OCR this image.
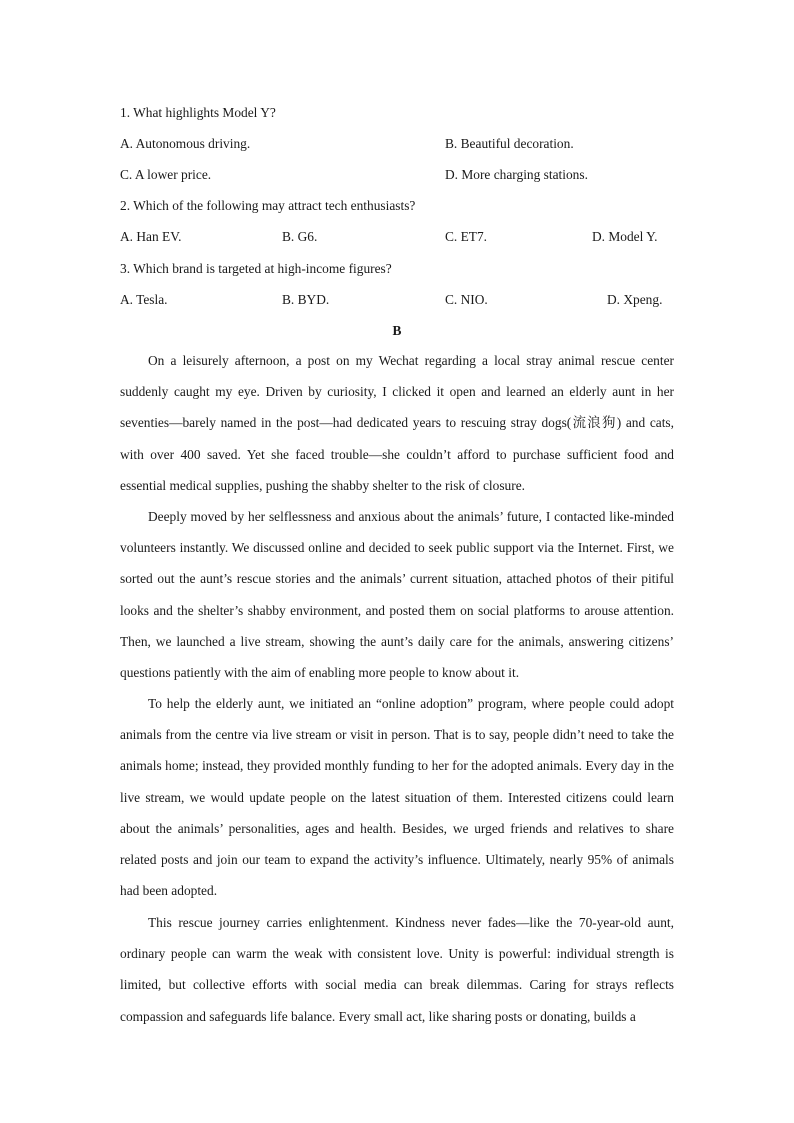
1. What highlights Model Y?
A. Autonomous driving.	B. Beautiful decoration.
C. A lower price.	D. More charging stations.
2. Which of the following may attract tech enthusiasts?
A. Han EV.	B. G6.	C. ET7.	D. Model Y.
3. Which brand is targeted at high-income figures?
A. Tesla.	B. BYD.	C. NIO.	D. Xpeng.
B

On a leisurely afternoon, a post on my Wechat regarding a local stray animal rescue center suddenly caught my eye. Driven by curiosity, I clicked it open and learned an elderly aunt in her seventies—barely named in the post—had dedicated years to rescuing stray dogs(流浪狗) and cats, with over 400 saved. Yet she faced trouble—she couldn’t afford to purchase sufficient food and essential medical supplies, pushing the shabby shelter to the risk of closure.

Deeply moved by her selflessness and anxious about the animals’ future, I contacted like-minded volunteers instantly. We discussed online and decided to seek public support via the Internet. First, we sorted out the aunt’s rescue stories and the animals’ current situation, attached photos of their pitiful looks and the shelter’s shabby environment, and posted them on social platforms to arouse attention. Then, we launched a live stream, showing the aunt’s daily care for the animals, answering citizens’ questions patiently with the aim of enabling more people to know about it.

To help the elderly aunt, we initiated an “online adoption” program, where people could adopt animals from the centre via live stream or visit in person. That is to say, people didn’t need to take the animals home; instead, they provided monthly funding to her for the adopted animals. Every day in the live stream, we would update people on the latest situation of them. Interested citizens could learn about the animals’ personalities, ages and health. Besides, we urged friends and relatives to share related posts and join our team to expand the activity’s influence. Ultimately, nearly 95% of animals had been adopted.

This rescue journey carries enlightenment. Kindness never fades—like the 70-year-old aunt, ordinary people can warm the weak with consistent love. Unity is powerful: individual strength is limited, but collective efforts with social media can break dilemmas. Caring for strays reflects compassion and safeguards life balance. Every small act, like sharing posts or donating, builds a
